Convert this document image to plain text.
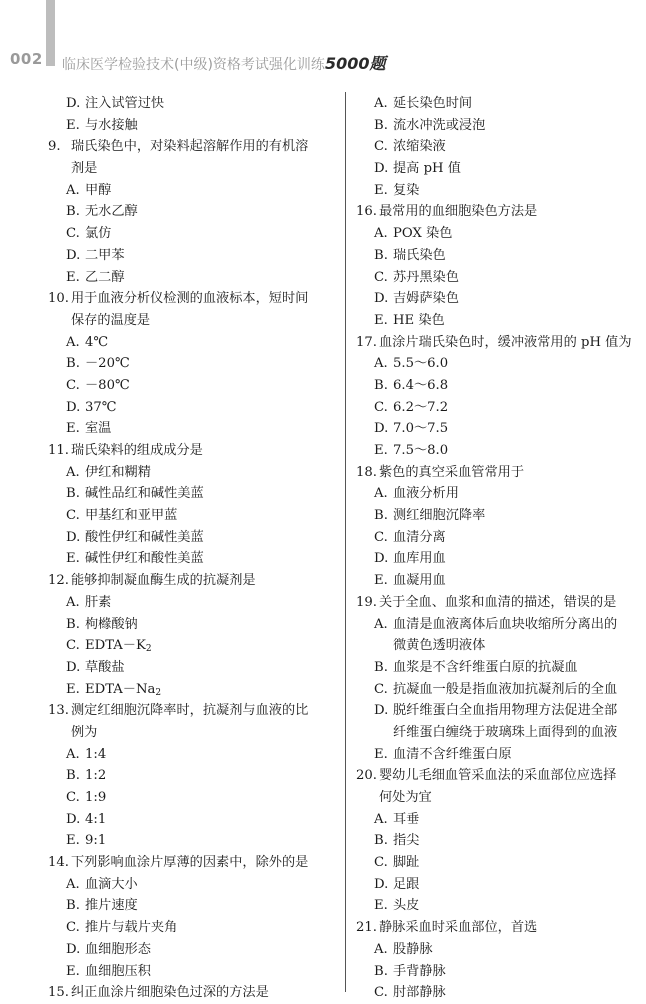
002 临床医学检验技术(中级)资格考试强化训练5000题
D. 注入试管过快
E. 与水接触
9. 瑞氏染色中，对染料起溶解作用的有机溶
剂是
A. 甲醇
B. 无水乙醇
C. 氯仿
D. 二甲苯
E. 乙二醇
10. 用于血液分析仪检测的血液标本，短时间
保存的温度是
A. 4℃
B. －20℃
C. －80℃
D. 37℃
E. 室温
11. 瑞氏染料的组成成分是
A. 伊红和糊精
B. 碱性品红和碱性美蓝
C. 甲基红和亚甲蓝
D. 酸性伊红和碱性美蓝
E. 碱性伊红和酸性美蓝
12. 能够抑制凝血酶生成的抗凝剂是
A. 肝素
B. 枸橼酸钠
C. $EDTA-K_2$
D. 草酸盐
E. $EDTA-Na_2$
13. 测定红细胞沉降率时，抗凝剂与血液的比
例为
A. 1:4
B. 1:2
C. 1:9
D. 4:1
E. 9:1
14. 下列影响血涂片厚薄的因素中，除外的是
A. 血滴大小
B. 推片速度
C. 推片与载片夹角
D. 血细胞形态
E. 血细胞压积
15. 纠正血涂片细胞染色过深的方法是
A. 延长染色时间
B. 流水冲洗或浸泡
C. 浓缩染液
D. 提高 pH 值
E. 复染
16. 最常用的血细胞染色方法是
A. POX 染色
B. 瑞氏染色
C. 苏丹黑染色
D. 吉姆萨染色
E. HE 染色
17. 血涂片瑞氏染色时，缓冲液常用的 pH 值为
A. 5.5～6.0
B. 6.4～6.8
C. 6.2～7.2
D. 7.0～7.5
E. 7.5～8.0
18. 紫色的真空采血管常用于
A. 血液分析用
B. 测红细胞沉降率
C. 血清分离
D. 血库用血
E. 血凝用血
19. 关于全血、血浆和血清的描述，错误的是
A. 血清是血液离体后血块收缩所分离出的
微黄色透明液体
B. 血浆是不含纤维蛋白原的抗凝血
C. 抗凝血一般是指血液加抗凝剂后的全血
D. 脱纤维蛋白全血指用物理方法促进全部
纤维蛋白缠绕于玻璃珠上面得到的血液
E. 血清不含纤维蛋白原
20. 婴幼儿毛细血管采血法的采血部位应选择
何处为宜
A. 耳垂
B. 指尖
C. 脚趾
D. 足跟
E. 头皮
21. 静脉采血时采血部位，首选
A. 股静脉
B. 手背静脉
C. 肘部静脉
